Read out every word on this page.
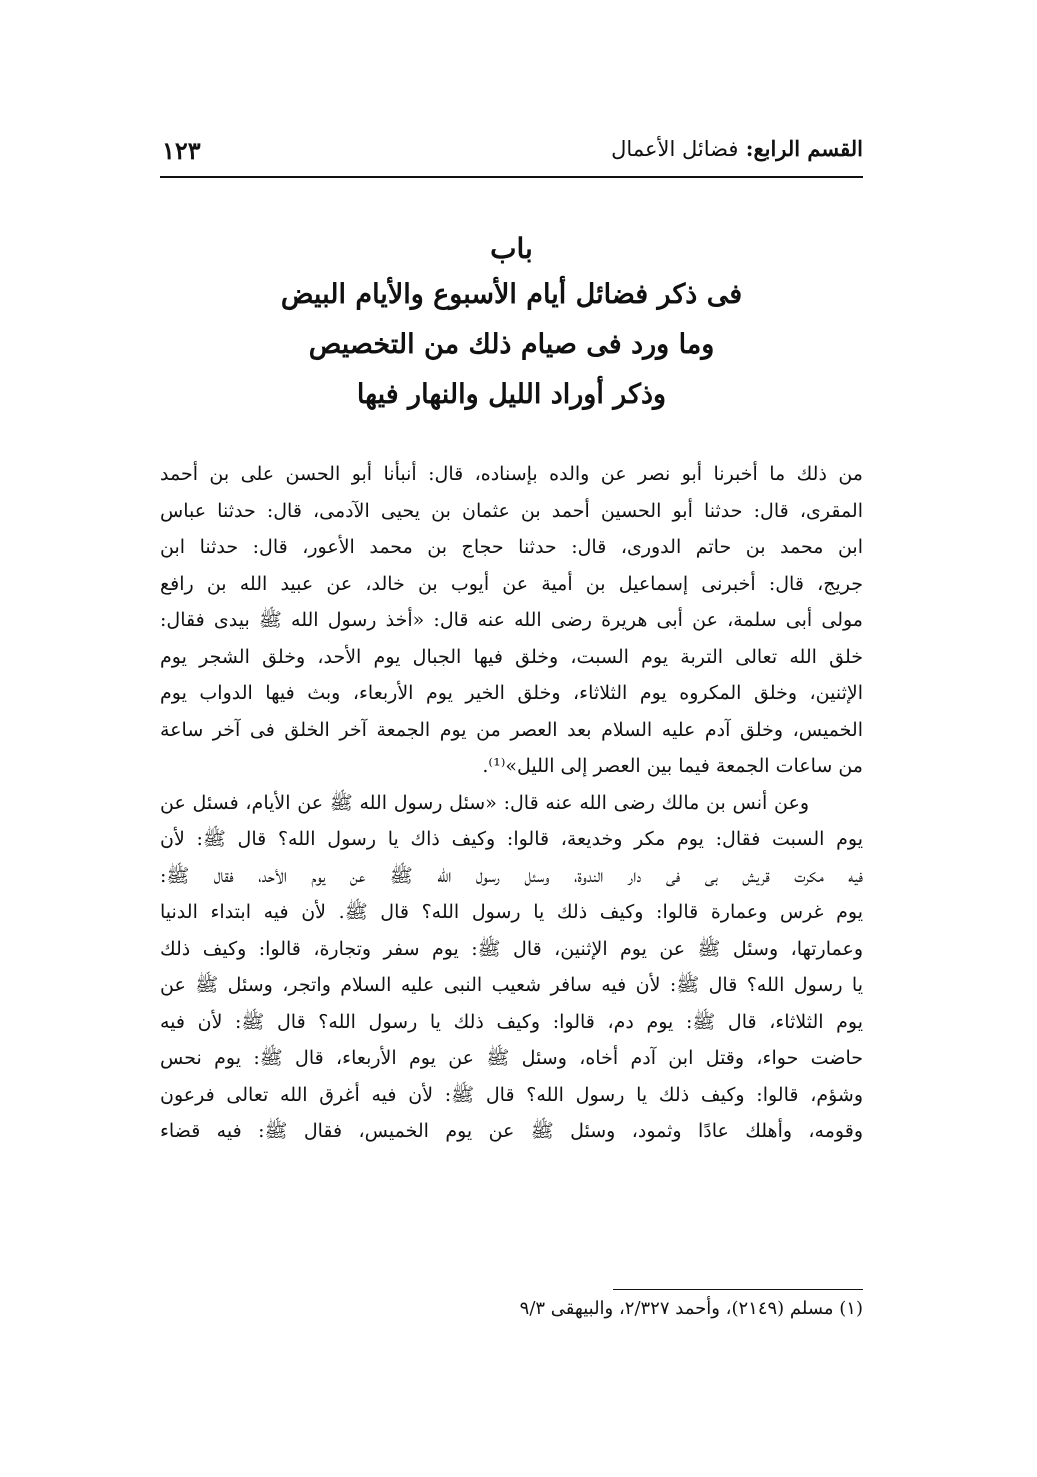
القسم الرابع: فضائل الأعمال
١٢٣
باب
فى ذكر فضائل أيام الأسبوع والأيام البيض
وما ورد فى صيام ذلك من التخصيص
وذكر أوراد الليل والنهار فيها
من ذلك ما أخبرنا أبو نصر عن والده بإسناده، قال: أنبأنا أبو الحسن على بن أحمد
المقرى، قال: حدثنا أبو الحسين أحمد بن عثمان بن يحيى الآدمى، قال: حدثنا عباس
ابن محمد بن حاتم الدورى، قال: حدثنا حجاج بن محمد الأعور، قال: حدثنا ابن
جريج، قال: أخبرنى إسماعيل بن أمية عن أيوب بن خالد، عن عبيد الله بن رافع
مولى أبى سلمة، عن أبى هريرة رضى الله عنه قال: «أخذ رسول الله ﷺ بيدى فقال:
خلق الله تعالى التربة يوم السبت، وخلق فيها الجبال يوم الأحد، وخلق الشجر يوم
الإثنين، وخلق المكروه يوم الثلاثاء، وخلق الخير يوم الأربعاء، وبث فيها الدواب يوم
الخميس، وخلق آدم عليه السلام بعد العصر من يوم الجمعة آخر الخلق فى آخر ساعة
من ساعات الجمعة فيما بين العصر إلى الليل»⁽¹⁾.
وعن أنس بن مالك رضى الله عنه قال: «سئل رسول الله ﷺ عن الأيام، فسئل عن
يوم السبت فقال: يوم مكر وخديعة، قالوا: وكيف ذاك يا رسول الله؟ قال ﷺ: لأن
فيه مكرت قريش بى فى دار الندوة، وسئل رسول الله ﷺ عن يوم الأحد، فقال ﷺ:
يوم غرس وعمارة قالوا: وكيف ذلك يا رسول الله؟ قال ﷺ. لأن فيه ابتداء الدنيا
وعمارتها، وسئل ﷺ عن يوم الإثنين، قال ﷺ: يوم سفر وتجارة، قالوا: وكيف ذلك
يا رسول الله؟ قال ﷺ: لأن فيه سافر شعيب النبى عليه السلام واتجر، وسئل ﷺ عن
يوم الثلاثاء، قال ﷺ: يوم دم، قالوا: وكيف ذلك يا رسول الله؟ قال ﷺ: لأن فيه
حاضت حواء، وقتل ابن آدم أخاه، وسئل ﷺ عن يوم الأربعاء، قال ﷺ: يوم نحس
وشؤم، قالوا: وكيف ذلك يا رسول الله؟ قال ﷺ: لأن فيه أغرق الله تعالى فرعون
وقومه، وأهلك عادًا وثمود، وسئل ﷺ عن يوم الخميس، فقال ﷺ: فيه قضاء
(١) مسلم (٢١٤٩)، وأحمد ٢/٣٢٧، والبيهقى ٩/٣
